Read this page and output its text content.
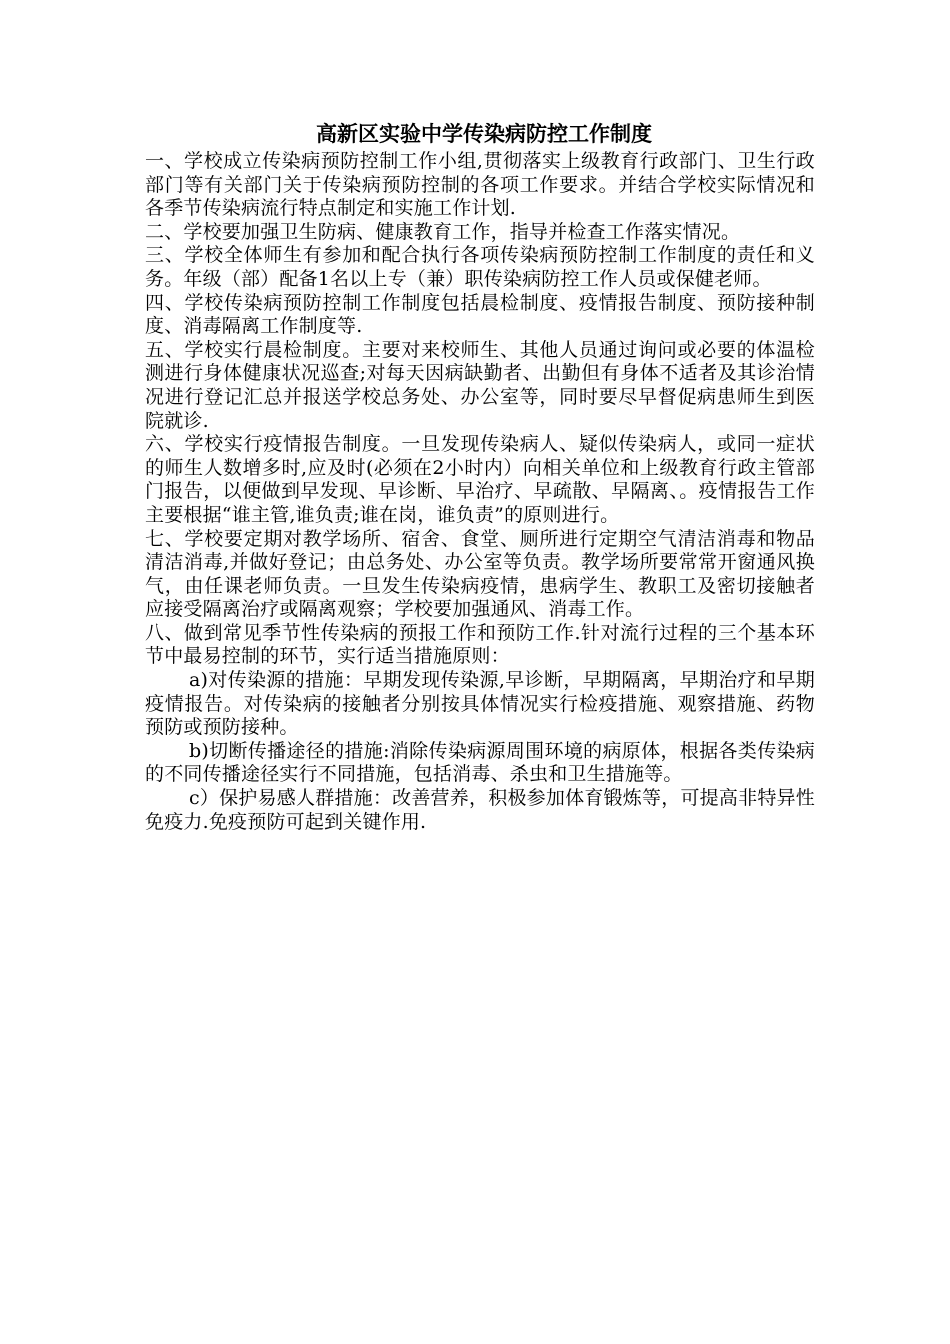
高新区实验中学传染病防控工作制度

一、学校成立传染病预防控制工作小组,贯彻落实上级教育行政部门、卫生行政部门等有关部门关于传染病预防控制的各项工作要求。并结合学校实际情况和各季节传染病流行特点制定和实施工作计划.

二、学校要加强卫生防病、健康教育工作，指导并检查工作落实情况。

三、学校全体师生有参加和配合执行各项传染病预防控制工作制度的责任和义务。年级（部）配备1名以上专（兼）职传染病防控工作人员或保健老师。

四、学校传染病预防控制工作制度包括晨检制度、疫情报告制度、预防接种制度、消毒隔离工作制度等.

五、学校实行晨检制度。主要对来校师生、其他人员通过询问或必要的体温检测进行身体健康状况巡查;对每天因病缺勤者、出勤但有身体不适者及其诊治情况进行登记汇总并报送学校总务处、办公室等，同时要尽早督促病患师生到医院就诊.

六、学校实行疫情报告制度。一旦发现传染病人、疑似传染病人，或同一症状的师生人数增多时,应及时(必须在2小时内）向相关单位和上级教育行政主管部门报告，以便做到早发现、早诊断、早治疗、早疏散、早隔离、。疫情报告工作主要根据“谁主管,谁负责;谁在岗，谁负责”的原则进行。

七、学校要定期对教学场所、宿舍、食堂、厕所进行定期空气清洁消毒和物品清洁消毒,并做好登记；由总务处、办公室等负责。教学场所要常常开窗通风换气，由任课老师负责。一旦发生传染病疫情，患病学生、教职工及密切接触者应接受隔离治疗或隔离观察；学校要加强通风、消毒工作。

八、做到常见季节性传染病的预报工作和预防工作.针对流行过程的三个基本环节中最易控制的环节，实行适当措施原则：

a)对传染源的措施：早期发现传染源,早诊断，早期隔离，早期治疗和早期疫情报告。对传染病的接触者分别按具体情况实行检疫措施、观察措施、药物预防或预防接种。

b)切断传播途径的措施:消除传染病源周围环境的病原体，根据各类传染病的不同传播途径实行不同措施，包括消毒、杀虫和卫生措施等。

c）保护易感人群措施：改善营养，积极参加体育锻炼等，可提高非特异性免疫力.免疫预防可起到关键作用.
